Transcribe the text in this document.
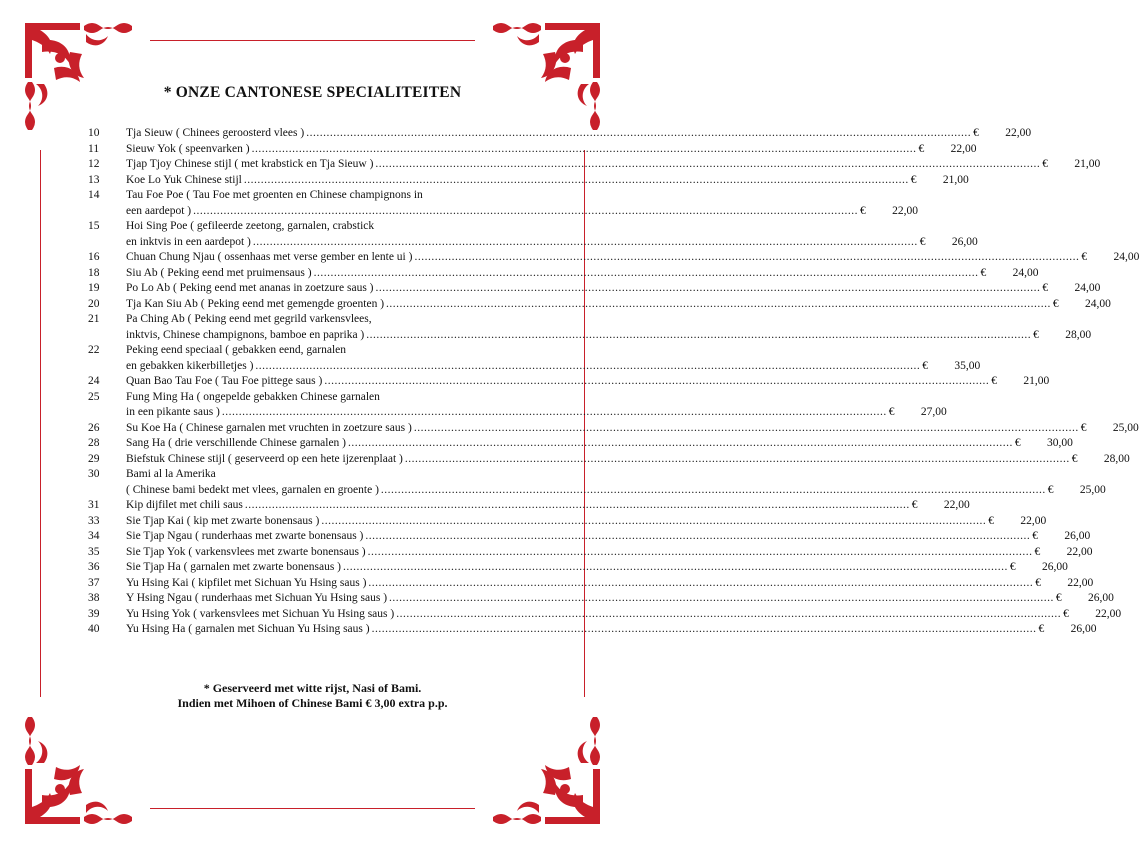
* ONZE CANTONESE SPECIALITEITEN
10	Tja Sieuw ( Chinees geroosterd vlees ) .....	€	22,00
11	Sieuw Yok ( speenvarken ) .....	€	22,00
12	Tjap Tjoy Chinese stijl ( met krabstick en Tja Sieuw ) .....	€	21,00
13	Koe Lo Yuk Chinese stijl .....	€	21,00
14	Tau Foe Poe ( Tau Foe met groenten en Chinese champignons in
een aardepot ) .....	€	22,00
15	Hoi Sing Poe ( gefileerde zeetong, garnalen, crabstick
en inktvis in een aardepot ) .....	€	26,00
16	Chuan Chung Njau ( ossenhaas met verse gember en lente ui ) .....	€	24,00
18	Siu Ab ( Peking eend met pruimensaus ) .....	€	24,00
19	Po Lo Ab ( Peking eend met ananas in zoetzure saus ) .....	€	24,00
20	Tja Kan Siu Ab ( Peking eend met gemengde groenten ) .....	€	24,00
21	Pa Ching Ab ( Peking eend met gegrild varkensvlees,
inktvis, Chinese champignons, bamboe en paprika ) .....	€	28,00
22	Peking eend speciaal ( gebakken eend, garnalen
en gebakken kikerbilletjes ) .....	€	35,00
24	Quan Bao Tau Foe ( Tau Foe pittege saus ) .....	€	21,00
25	Fung Ming Ha ( ongepelde gebakken Chinese garnalen
in een pikante saus ) .....	€	27,00
26	Su Koe Ha ( Chinese garnalen met vruchten in zoetzure saus ) .....	€	25,00
28	Sang Ha ( drie verschillende Chinese garnalen ) .....	€	30,00
29	Biefstuk Chinese stijl ( geserveerd op een hete ijzerenplaat ) .....	€	28,00
30	Bami al la Amerika
( Chinese bami bedekt met vlees, garnalen en groente ) .....	€	25,00
31	Kip dijfilet met chili saus .....	€	22,00
33	Sie Tjap Kai ( kip met zwarte bonensaus ) .....	€	22,00
34	Sie Tjap Ngau ( runderhaas met zwarte bonensaus ) .....	€	26,00
35	Sie Tjap Yok ( varkensvlees met zwarte bonensaus ) .....	€	22,00
36	Sie Tjap Ha ( garnalen met zwarte bonensaus ) .....	€	26,00
37	Yu Hsing Kai ( kipfilet met Sichuan Yu Hsing saus ) .....	€	22,00
38	Y Hsing Ngau ( runderhaas met Sichuan Yu Hsing saus ) .....	€	26,00
39	Yu Hsing Yok ( varkensvlees met Sichuan Yu Hsing saus ) .....	€	22,00
40	Yu Hsing Ha ( garnalen met Sichuan Yu Hsing saus ) .....	€	26,00
* Geserveerd met witte rijst, Nasi of Bami.
Indien met Mihoen of Chinese Bami € 3,00 extra p.p.
